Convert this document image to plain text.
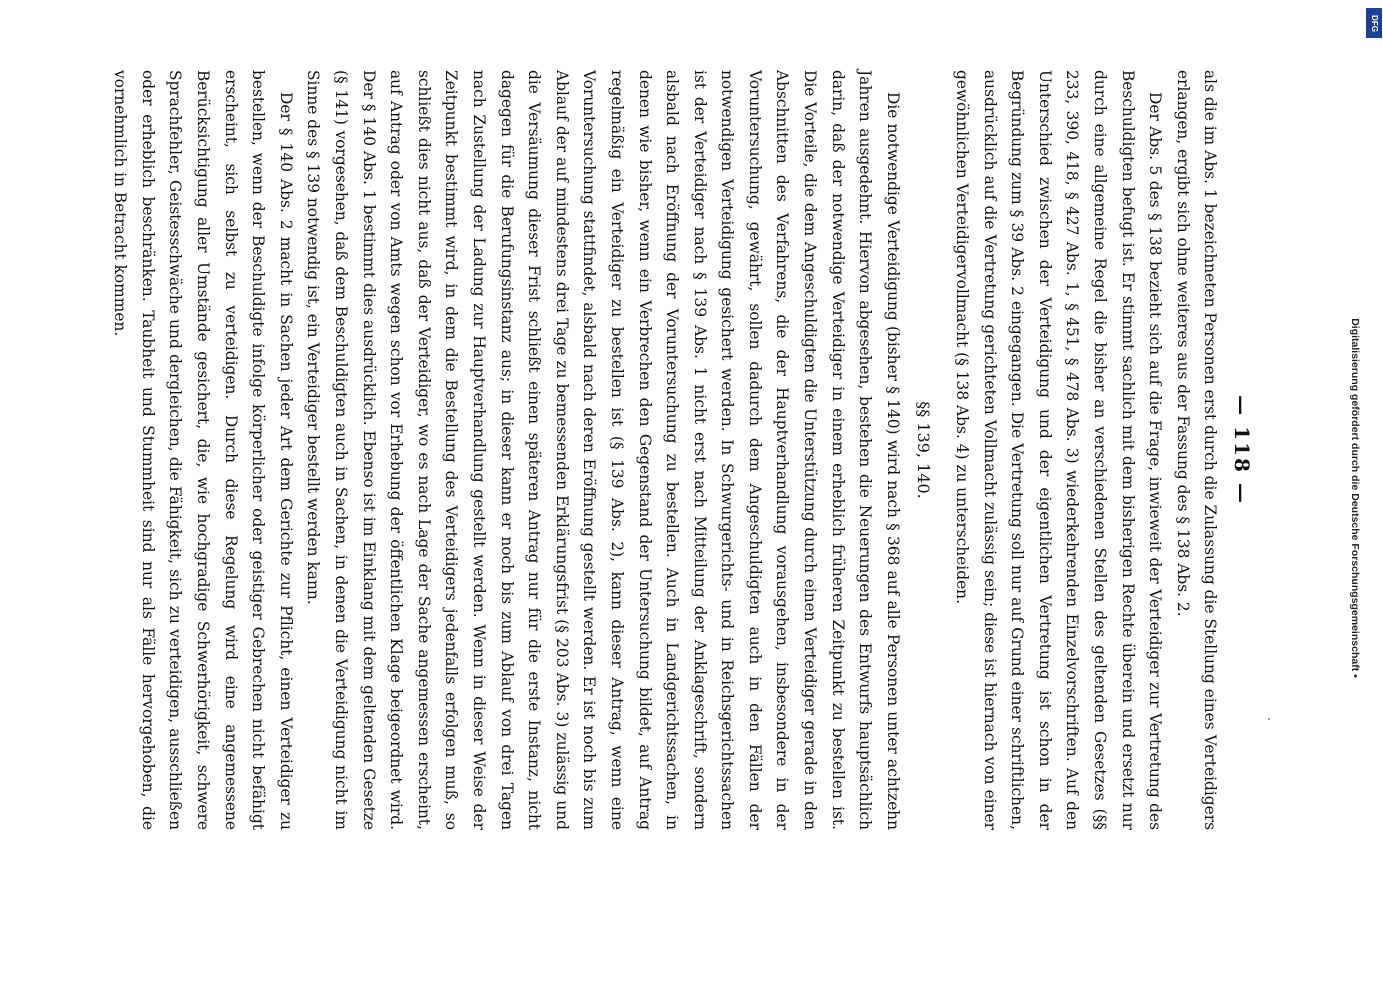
— 118 —

als die im Abs. 1 bezeichneten Personen erst durch die Zulassung die Stellung eines Verteidigers erlangen, ergibt sich ohne weiteres aus der Fassung des § 138 Abs. 2.

Der Abs. 5 des § 138 bezieht sich auf die Frage, inwieweit der Verteidiger zur Vertretung des Beschuldigten befugt ist. Er stimmt sachlich mit dem bisherigen Rechte überein und ersetzt nur durch eine allgemeine Regel die bisher an verschiedenen Stellen des geltenden Gesetzes (§§ 233, 390, 418, § 427 Abs. 1, § 451, § 478 Abs. 3) wiederkehrenden Einzelvorschriften. Auf den Unterschied zwischen der Verteidigung und der eigentlichen Vertretung ist schon in der Begründung zum § 39 Abs. 2 eingegangen. Die Vertretung soll nur auf Grund einer schriftlichen, ausdrücklich auf die Vertretung gerichteten Vollmacht zulässig sein; diese ist hiernach von einer gewöhnlichen Verteidigervollmacht (§ 138 Abs. 4) zu unterscheiden.

§§ 139, 140.

Die notwendige Verteidigung (bisher § 140) wird nach § 368 auf alle Personen unter achtzehn Jahren ausgedehnt. Hiervon abgesehen, bestehen die Neuerungen des Entwurfs hauptsächlich darin, daß der notwendige Verteidiger in einem erheblich früheren Zeitpunkt zu bestellen ist. Die Vorteile, die dem Angeschuldigten die Unterstützung durch einen Verteidiger gerade in den Abschnitten des Verfahrens, die der Hauptverhandlung vorausgehen, insbesondere in der Voruntersuchung, gewährt, sollen dadurch dem Angeschuldigten auch in den Fällen der notwendigen Verteidigung gesichert werden. In Schwurgerichts- und in Reichsgerichtssachen ist der Verteidiger nach § 139 Abs. 1 nicht erst nach Mitteilung der Anklageschrift, sondern alsbald nach Eröffnung der Voruntersuchung zu bestellen. Auch in Landgerichtssachen, in denen wie bisher, wenn ein Verbrechen den Gegenstand der Untersuchung bildet, auf Antrag regelmäßig ein Verteidiger zu bestellen ist (§ 139 Abs. 2), kann dieser Antrag, wenn eine Voruntersuchung stattfindet, alsbald nach deren Eröffnung gestellt werden. Er ist noch bis zum Ablauf der auf mindestens drei Tage zu bemessenden Erklärungsfrist (§ 203 Abs. 3) zulässig und die Versäumung dieser Frist schließt einen späteren Antrag nur für die erste Instanz, nicht dagegen für die Berufungsinstanz aus; in dieser kann er noch bis zum Ablauf von drei Tagen nach Zustellung der Ladung zur Hauptverhandlung gestellt werden. Wenn in dieser Weise der Zeitpunkt bestimmt wird, in dem die Bestellung des Verteidigers jedenfalls erfolgen muß, so schließt dies nicht aus, daß der Verteidiger, wo es nach Lage der Sache angemessen erscheint, auf Antrag oder von Amts wegen schon vor Erhebung der öffentlichen Klage beigeordnet wird. Der § 140 Abs. 1 bestimmt dies ausdrücklich. Ebenso ist im Einklang mit dem geltenden Gesetze (§ 141) vorgesehen, daß dem Beschuldigten auch in Sachen, in denen die Verteidigung nicht im Sinne des § 139 notwendig ist, ein Verteidiger bestellt werden kann.

Der § 140 Abs. 2 macht in Sachen jeder Art dem Gerichte zur Pflicht, einen Verteidiger zu bestellen, wenn der Beschuldigte infolge körperlicher oder geistiger Gebrechen nicht befähigt erscheint, sich selbst zu verteidigen. Durch diese Regelung wird eine angemessene Berücksichtigung aller Umstände gesichert, die, wie hochgradige Schwerhörigkeit, schwere Sprachfehler, Geistesschwäche und dergleichen, die Fähigkeit, sich zu verteidigen, ausschließen oder erheblich beschränken. Taubheit und Stummheit sind nur als Fälle hervorgehoben, die vornehmlich in Betracht kommen.

Digitalisierung gefördert durch die Deutsche Forschungsgemeinschaft •
DFG
